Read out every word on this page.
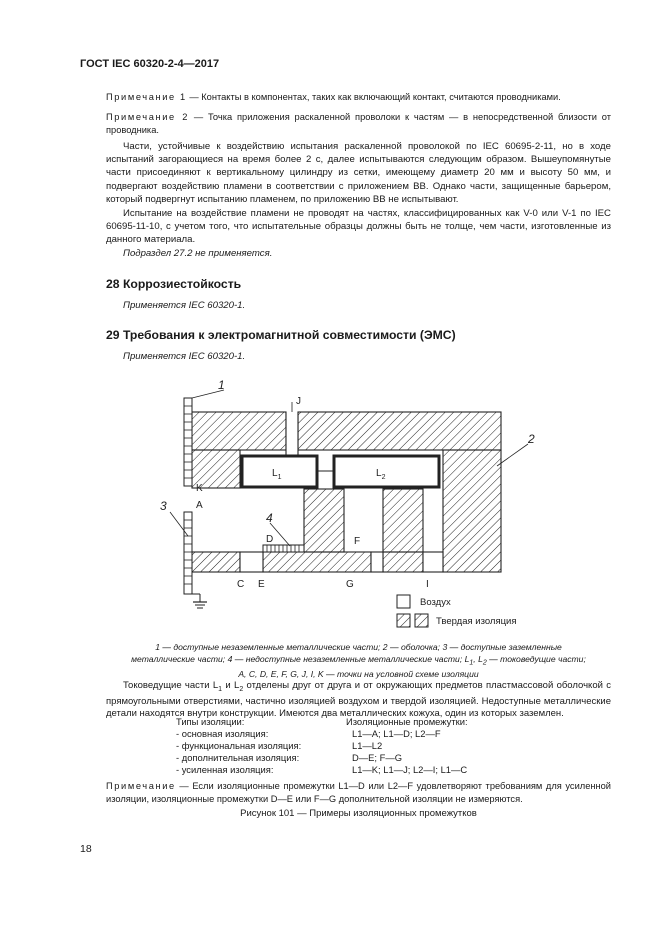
ГОСТ IEC 60320-2-4—2017

Примечание 1 — Контакты в компонентах, таких как включающий контакт, считаются проводниками.

Примечание 2 — Точка приложения раскаленной проволоки к частям — в непосредственной близости от проводника.

Части, устойчивые к воздействию испытания раскаленной проволокой по IEC 60695-2-11, но в ходе испытаний загорающиеся на время более 2 с, далее испытываются следующим образом. Вышеупомянутые части присоединяют к вертикальному цилиндру из сетки, имеющему диаметр 20 мм и высоту 50 мм, и подвергают воздействию пламени в соответствии с приложением ВВ. Однако части, защищенные барьером, который подвергнут испытанию пламенем, по приложению ВВ не испытывают.

Испытание на воздействие пламени не проводят на частях, классифицированных как V-0 или V-1 по IEC 60695-11-10, с учетом того, что испытательные образцы должны быть не толще, чем части, изготовленные из данного материала.

Подраздел 27.2 не применяется.

28 Коррозиестойкость

Применяется IEC 60320-1.

29 Требования к электромагнитной совместимости (ЭМС)

Применяется IEC 60320-1.

1
2
3
4
J
K
A
D	F
C E	G	I
$L_1$	$L_2$
Воздух
Твердая изоляция
1 — доступные незаземленные металлические части; 2 — оболочка; 3 — доступные заземленные
металлические части; 4 — недоступные незаземленные металлические части; $L_1$, $L_2$ — токоведущие части;
A, C, D, E, F, G, J, I, K — точки на условной схеме изоляции
Токоведущие части $L_1$ и $L_2$ отделены друг от друга и от окружающих предметов пластмассовой оболочкой с прямоугольными отверстиями, частично изоляцией воздухом и твердой изоляцией. Недоступные металлические детали находятся внутри конструкции. Имеются два металлических кожуха, один из которых заземлен.
Типы изоляции:	Изоляционные промежутки:
- основная изоляция:	L1—A; L1—D; L2—F
- функциональная изоляция:	L1—L2
- дополнительная изоляция:	D—E; F—G
- усиленная изоляция:	L1—K; L1—J; L2—I; L1—C

Примечание — Если изоляционные промежутки L1—D или L2—F удовлетворяют требованиям для усиленной изоляции, изоляционные промежутки D—E или F—G дополнительной изоляции не измеряются.

Рисунок 101 — Примеры изоляционных промежутков
18
